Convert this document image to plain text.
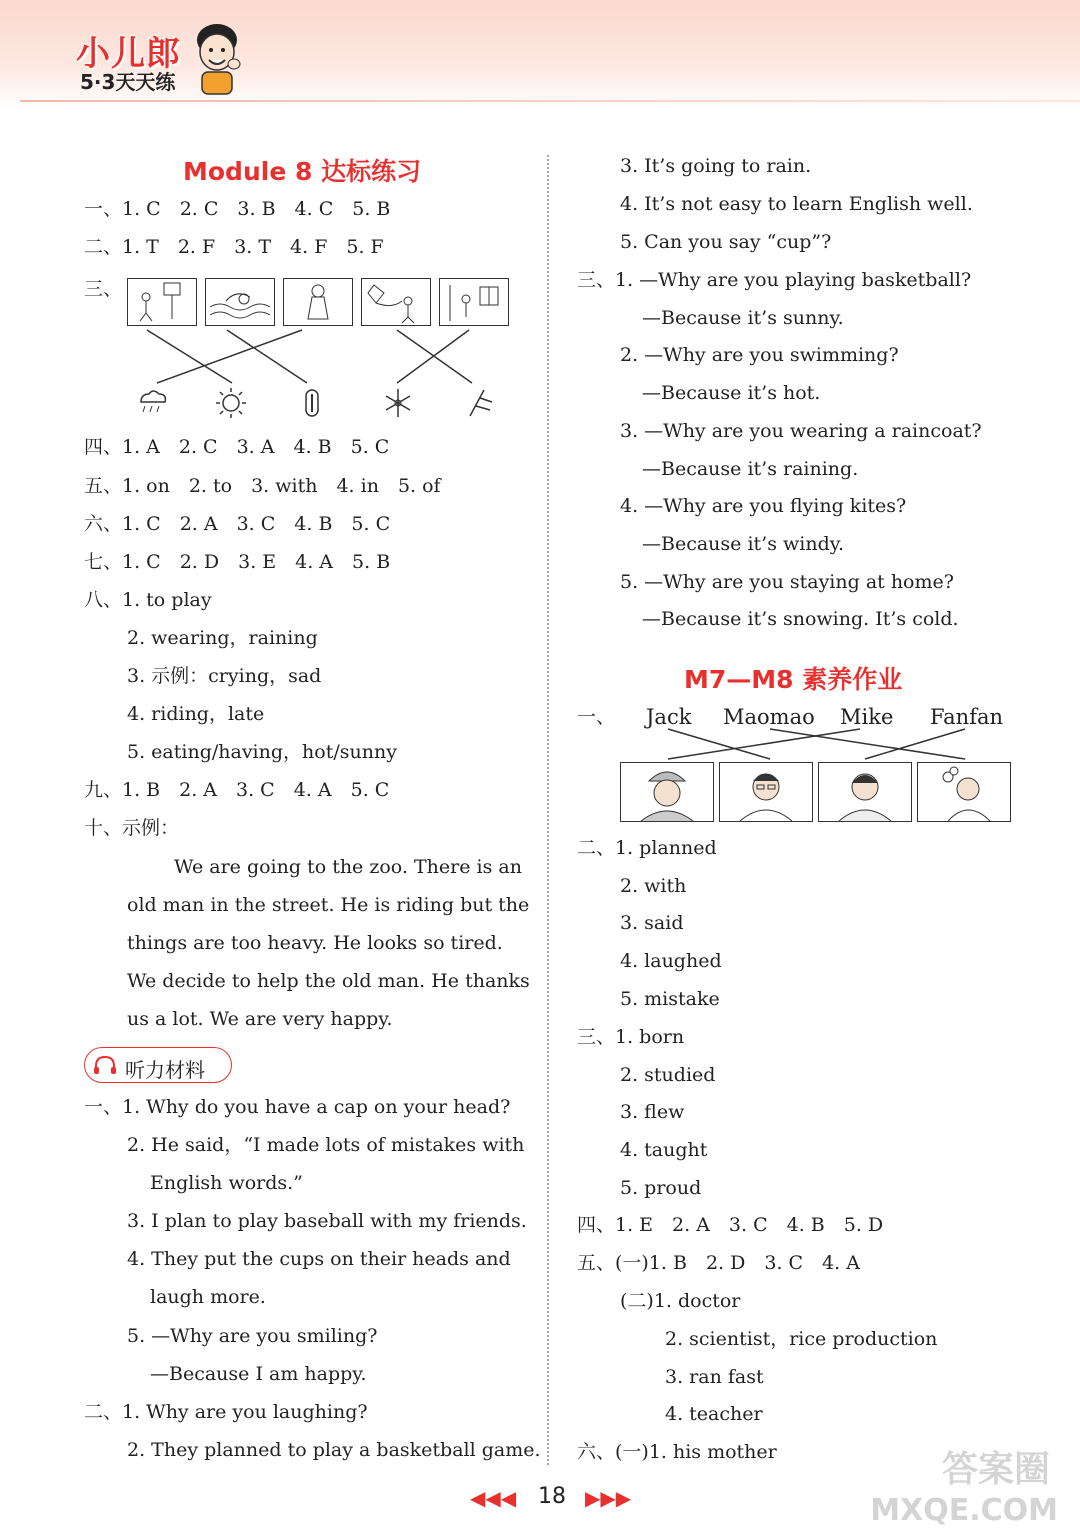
小儿郎
5·3天天练
Module 8 达标练习
一、1. C　2. C　3. B　4. C　5. B
二、1. T　2. F　3. T　4. F　5. F
三、
四、1. A　2. C　3. A　4. B　5. C
五、1. on　2. to　3. with　4. in　5. of
六、1. C　2. A　3. C　4. B　5. C
七、1. C　2. D　3. E　4. A　5. B
八、1. to play
2. wearing，raining
3. 示例：crying，sad
4. riding，late
5. eating/having，hot/sunny
九、1. B　2. A　3. C　4. A　5. C
十、示例：
We are going to the zoo. There is an
old man in the street. He is riding but the
things are too heavy. He looks so tired.
We decide to help the old man. He thanks
us a lot. We are very happy.
听力材料
一、1. Why do you have a cap on your head?
2. He said，“I made lots of mistakes with
English words.”
3. I plan to play baseball with my friends.
4. They put the cups on their heads and
laugh more.
5. —Why are you smiling?
—Because I am happy.
二、1. Why are you laughing?
2. They planned to play a basketball game.
3. It’s going to rain.
4. It’s not easy to learn English well.
5. Can you say “cup”?
三、1. —Why are you playing basketball?
—Because it’s sunny.
2. —Why are you swimming?
—Because it’s hot.
3. —Why are you wearing a raincoat?
—Because it’s raining.
4. —Why are you flying kites?
—Because it’s windy.
5. —Why are you staying at home?
—Because it’s snowing. It’s cold.
M7—M8 素养作业
一、 Jack Maomao Mike Fanfan
二、1. planned
2. with
3. said
4. laughed
5. mistake
三、1. born
2. studied
3. flew
4. taught
5. proud
四、1. E　2. A　3. C　4. B　5. D
五、(一)1. B　2. D　3. C　4. A
(二)1. doctor
2. scientist，rice production
3. ran fast
4. teacher
六、(一)1. his mother
◀◀◀ 18 ▶▶▶
答案圈
MXQE.COM
